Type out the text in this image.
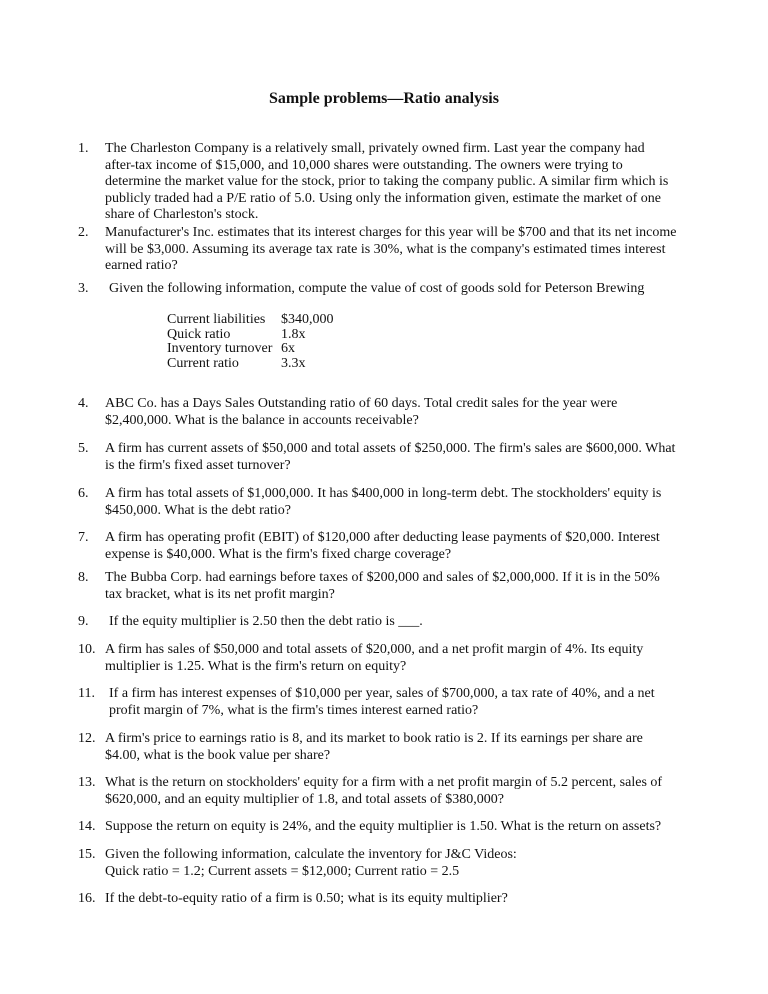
Sample problems—Ratio analysis
1. The Charleston Company is a relatively small, privately owned firm. Last year the company had after-tax income of $15,000, and 10,000 shares were outstanding. The owners were trying to determine the market value for the stock, prior to taking the company public. A similar firm which is publicly traded had a P/E ratio of 5.0. Using only the information given, estimate the market of one share of Charleston's stock.
2. Manufacturer's Inc. estimates that its interest charges for this year will be $700 and that its net income will be $3,000. Assuming its average tax rate is 30%, what is the company's estimated times interest earned ratio?
3. Given the following information, compute the value of cost of goods sold for Peterson Brewing
Current liabilities	$340,000
Quick ratio	1.8x
Inventory turnover	6x
Current ratio	3.3x
4. ABC Co. has a Days Sales Outstanding ratio of 60 days. Total credit sales for the year were $2,400,000. What is the balance in accounts receivable?
5. A firm has current assets of $50,000 and total assets of $250,000. The firm's sales are $600,000. What is the firm's fixed asset turnover?
6. A firm has total assets of $1,000,000. It has $400,000 in long-term debt. The stockholders' equity is $450,000. What is the debt ratio?
7. A firm has operating profit (EBIT) of $120,000 after deducting lease payments of $20,000. Interest expense is $40,000. What is the firm's fixed charge coverage?
8. The Bubba Corp. had earnings before taxes of $200,000 and sales of $2,000,000. If it is in the 50% tax bracket, what is its net profit margin?
9. If the equity multiplier is 2.50 then the debt ratio is ___.
10. A firm has sales of $50,000 and total assets of $20,000, and a net profit margin of 4%. Its equity multiplier is 1.25. What is the firm's return on equity?
11. If a firm has interest expenses of $10,000 per year, sales of $700,000, a tax rate of 40%, and a net profit margin of 7%, what is the firm's times interest earned ratio?
12. A firm's price to earnings ratio is 8, and its market to book ratio is 2. If its earnings per share are $4.00, what is the book value per share?
13. What is the return on stockholders' equity for a firm with a net profit margin of 5.2 percent, sales of $620,000, and an equity multiplier of 1.8, and total assets of $380,000?
14. Suppose the return on equity is 24%, and the equity multiplier is 1.50. What is the return on assets?
15. Given the following information, calculate the inventory for J&C Videos:
Quick ratio = 1.2; Current assets = $12,000; Current ratio = 2.5
16. If the debt-to-equity ratio of a firm is 0.50; what is its equity multiplier?
